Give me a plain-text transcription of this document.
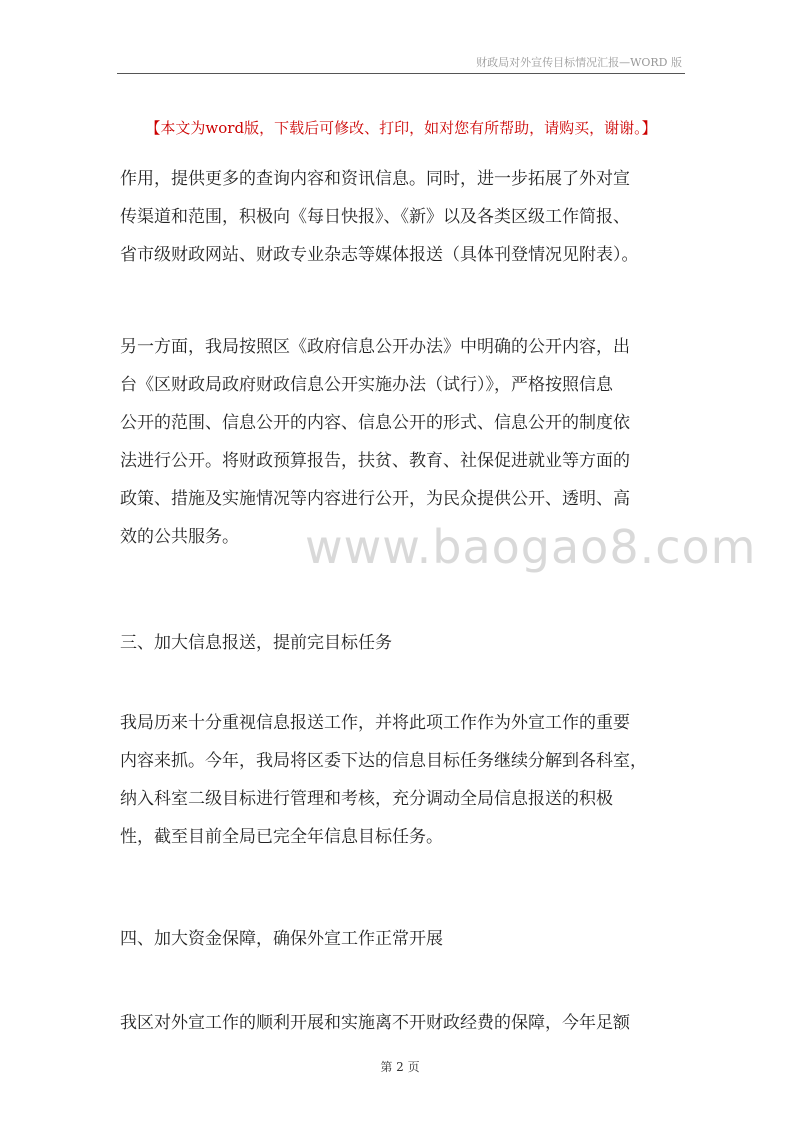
财政局对外宣传目标情况汇报—WORD 版
【本文为word版，下载后可修改、打印，如对您有所帮助，请购买，谢谢。】
www.baogao8.com
作用，提供更多的查询内容和资讯信息。同时，进一步拓展了外对宣
传渠道和范围，积极向《每日快报》、《新》以及各类区级工作简报、
省市级财政网站、财政专业杂志等媒体报送（具体刊登情况见附表）。
另一方面，我局按照区《政府信息公开办法》中明确的公开内容，出
台《区财政局政府财政信息公开实施办法（试行）》，严格按照信息
公开的范围、信息公开的内容、信息公开的形式、信息公开的制度依
法进行公开。将财政预算报告，扶贫、教育、社保促进就业等方面的
政策、措施及实施情况等内容进行公开，为民众提供公开、透明、高
效的公共服务。
三、加大信息报送，提前完目标任务
我局历来十分重视信息报送工作，并将此项工作作为外宣工作的重要
内容来抓。今年，我局将区委下达的信息目标任务继续分解到各科室，
纳入科室二级目标进行管理和考核，充分调动全局信息报送的积极
性，截至目前全局已完全年信息目标任务。
四、加大资金保障，确保外宣工作正常开展
我区对外宣工作的顺利开展和实施离不开财政经费的保障，今年足额
第 2 页
